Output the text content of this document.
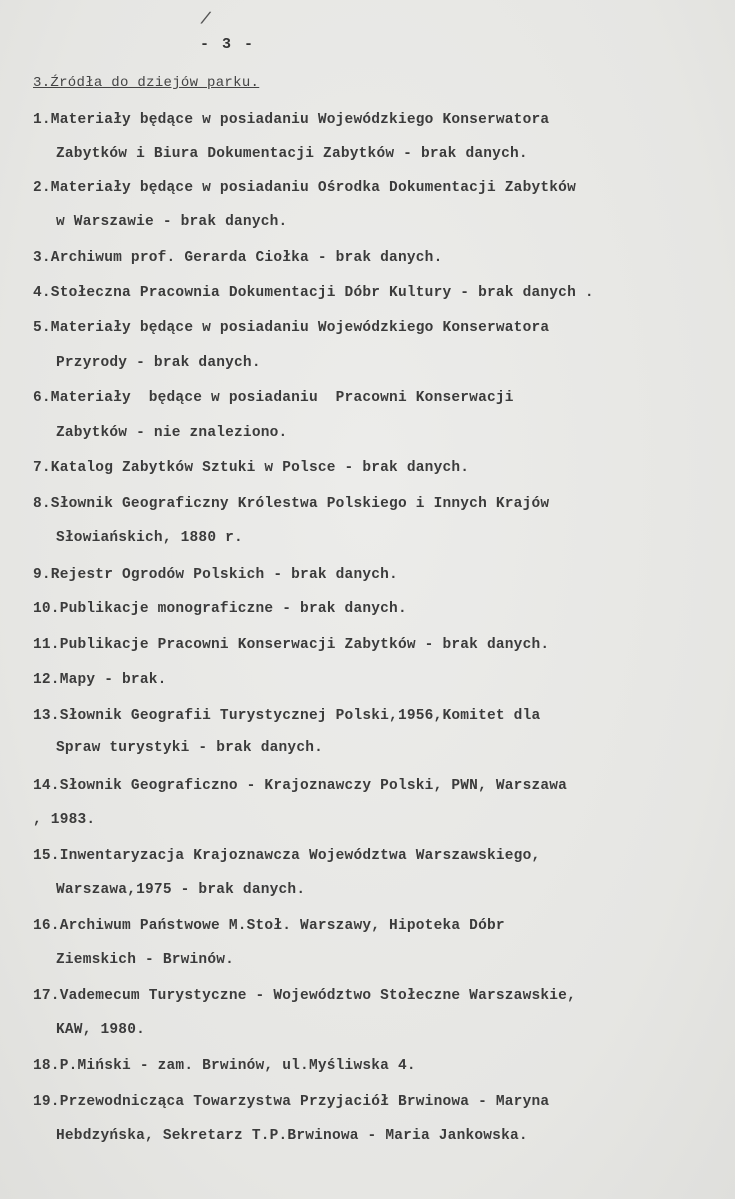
/
- 3 -
3.Źródła do dziejów parku.
1.Materiały będące w posiadaniu Wojewódzkiego Konserwatora
Zabytków i Biura Dokumentacji Zabytków - brak danych.
2.Materiały będące w posiadaniu Ośrodka Dokumentacji Zabytków
w Warszawie - brak danych.
3.Archiwum prof. Gerarda Ciołka - brak danych.
4.Stołeczna Pracownia Dokumentacji Dóbr Kultury - brak danych .
5.Materiały będące w posiadaniu Wojewódzkiego Konserwatora
Przyrody - brak danych.
6.Materiały  będące w posiadaniu  Pracowni Konserwacji
Zabytków - nie znaleziono.
7.Katalog Zabytków Sztuki w Polsce - brak danych.
8.Słownik Geograficzny Królestwa Polskiego i Innych Krajów
Słowiańskich, 1880 r.
9.Rejestr Ogrodów Polskich - brak danych.
10.Publikacje monograficzne - brak danych.
11.Publikacje Pracowni Konserwacji Zabytków - brak danych.
12.Mapy - brak.
13.Słownik Geografii Turystycznej Polski,1956,Komitet dla
Spraw turystyki - brak danych.
14.Słownik Geograficzno - Krajoznawczy Polski, PWN, Warszawa
, 1983.
15.Inwentaryzacja Krajoznawcza Województwa Warszawskiego,
Warszawa,1975 - brak danych.
16.Archiwum Państwowe M.Stoł. Warszawy, Hipoteka Dóbr
Ziemskich - Brwinów.
17.Vademecum Turystyczne - Województwo Stołeczne Warszawskie,
KAW, 1980.
18.P.Miński - zam. Brwinów, ul.Myśliwska 4.
19.Przewodnicząca Towarzystwa Przyjaciół Brwinowa - Maryna
Hebdzyńska, Sekretarz T.P.Brwinowa - Maria Jankowska.
